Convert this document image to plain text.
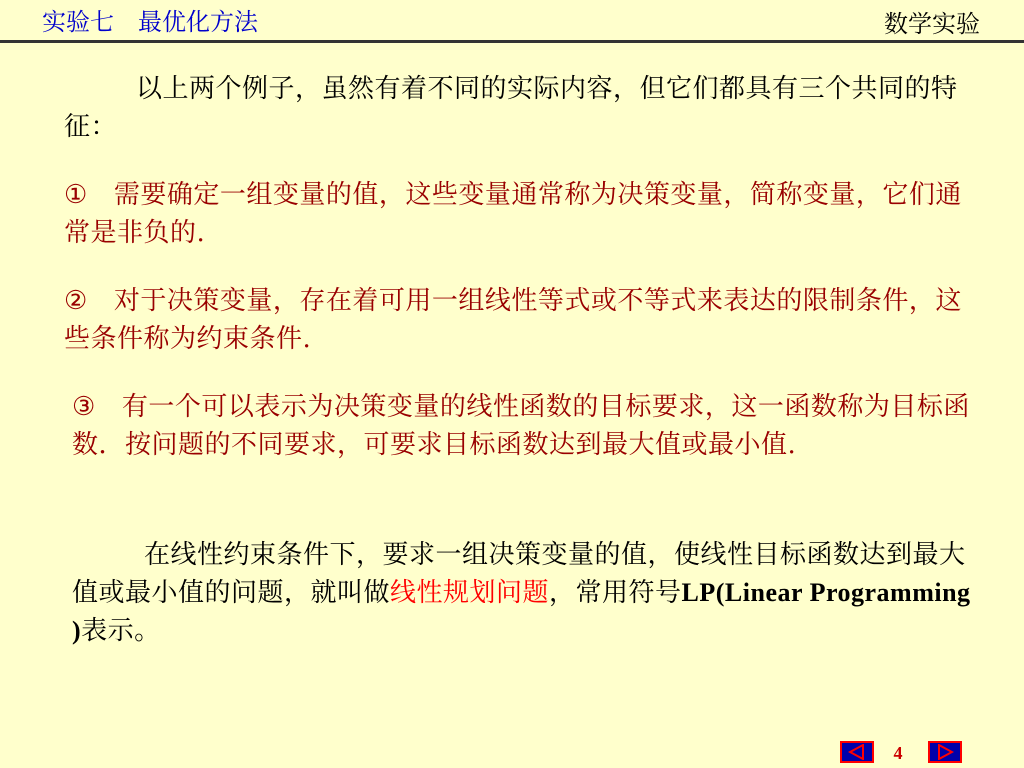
实验七　最优化方法	数学实验
以上两个例子，虽然有着不同的实际内容，但它们都具有三个共同的特征：
① 需要确定一组变量的值，这些变量通常称为决策变量，简称变量，它们通常是非负的.
② 对于决策变量，存在着可用一组线性等式或不等式来表达的限制条件，这些条件称为约束条件.
③ 有一个可以表示为决策变量的线性函数的目标要求，这一函数称为目标函数．按问题的不同要求，可要求目标函数达到最大值或最小值.
在线性约束条件下，要求一组决策变量的值，使线性目标函数达到最大值或最小值的问题，就叫做线性规划问题，常用符号LP(Linear Programming )表示。
4
